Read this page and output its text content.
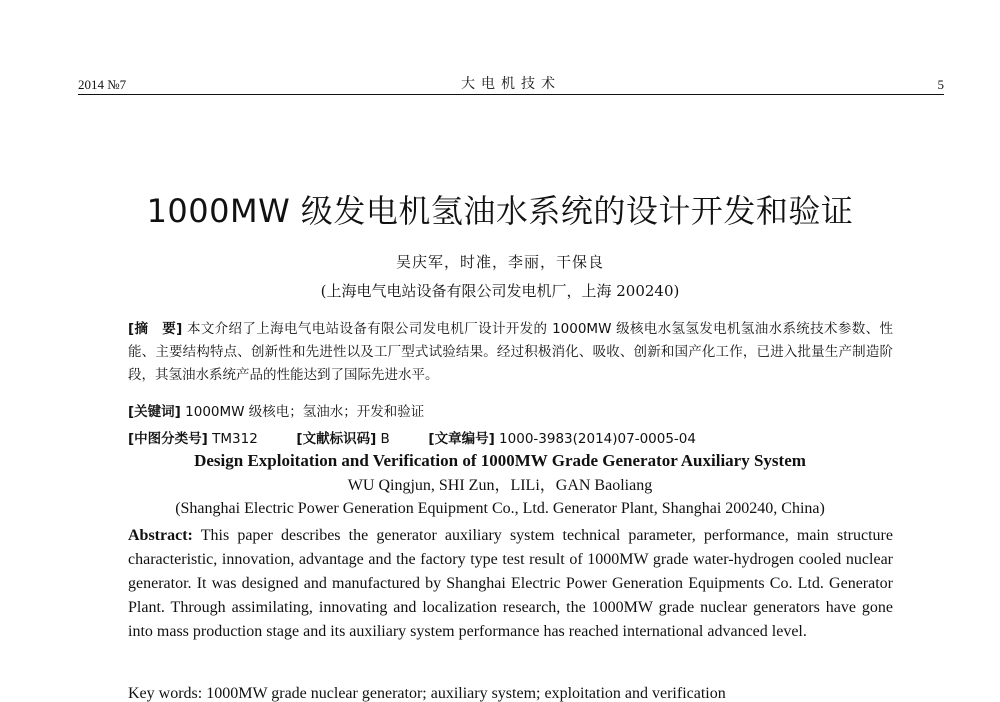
2014 №7	大电机技术	5
1000MW 级发电机氢油水系统的设计开发和验证
吴庆军，时准，李丽，干保良
(上海电气电站设备有限公司发电机厂，上海 200240)
[摘　要] 本文介绍了上海电气电站设备有限公司发电机厂设计开发的 1000MW 级核电水氢氢发电机氢油水系统技术参数、性能、主要结构特点、创新性和先进性以及工厂型式试验结果。经过积极消化、吸收、创新和国产化工作，已进入批量生产制造阶段，其氢油水系统产品的性能达到了国际先进水平。
[关键词] 1000MW 级核电；氢油水；开发和验证
[中图分类号] TM312	[文献标识码] B	[文章编号] 1000-3983(2014)07-0005-04
Design Exploitation and Verification of 1000MW Grade Generator Auxiliary System
WU Qingjun, SHI Zun，LILi，GAN Baoliang
(Shanghai Electric Power Generation Equipment Co., Ltd. Generator Plant, Shanghai 200240, China)
Abstract: This paper describes the generator auxiliary system technical parameter, performance, main structure characteristic, innovation, advantage and the factory type test result of 1000MW grade water-hydrogen cooled nuclear generator. It was designed and manufactured by Shanghai Electric Power Generation Equipments Co. Ltd. Generator Plant. Through assimilating, innovating and localization research, the 1000MW grade nuclear generators have gone into mass production stage and its auxiliary system performance has reached international advanced level.
Key words: 1000MW grade nuclear generator; auxiliary system; exploitation and verification
